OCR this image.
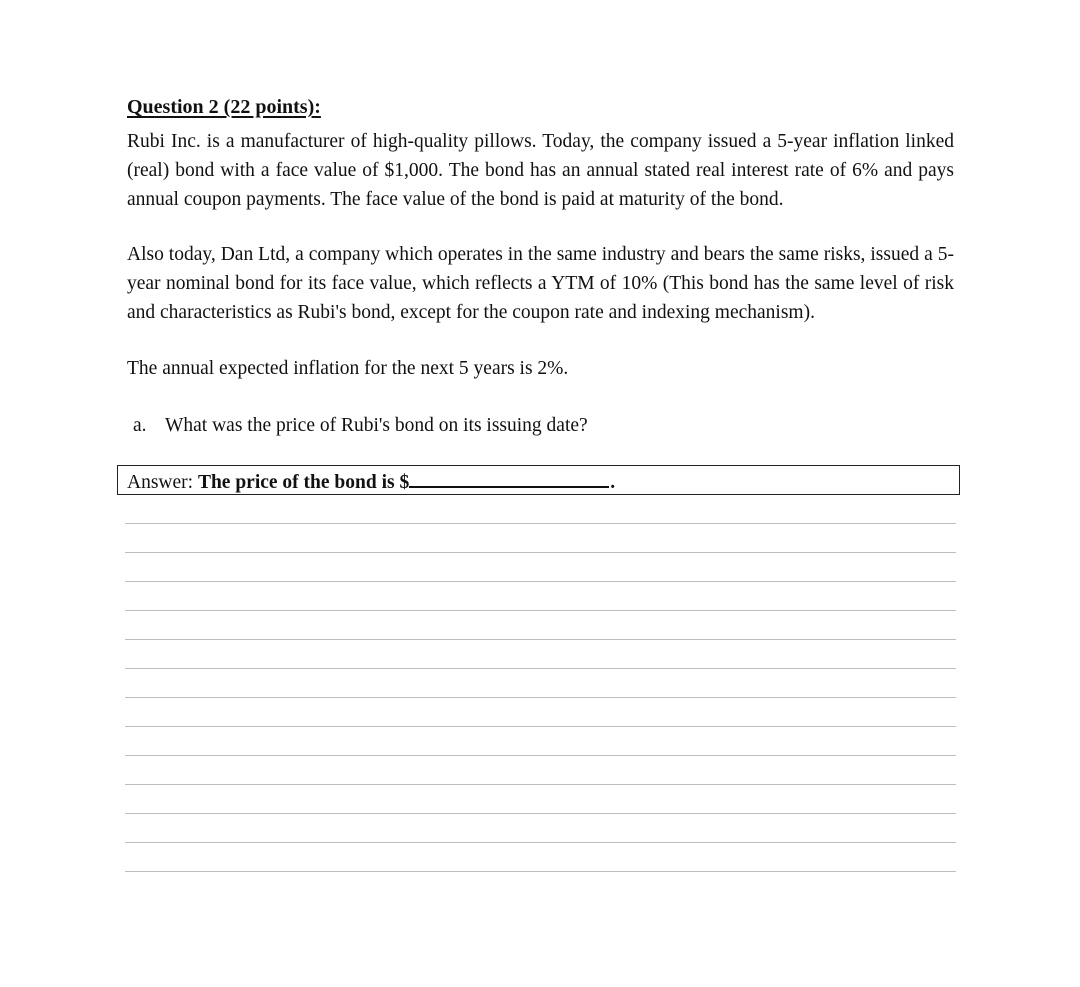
Question 2 (22 points):

Rubi Inc. is a manufacturer of high-quality pillows. Today, the company issued a 5-year inflation linked (real) bond with a face value of $1,000. The bond has an annual stated real interest rate of 6% and pays annual coupon payments. The face value of the bond is paid at maturity of the bond.

Also today, Dan Ltd, a company which operates in the same industry and bears the same risks, issued a 5-year nominal bond for its face value, which reflects a YTM of 10% (This bond has the same level of risk and characteristics as Rubi's bond, except for the coupon rate and indexing mechanism).

The annual expected inflation for the next 5 years is 2%.

a. What was the price of Rubi's bond on its issuing date?
Answer: The price of the bond is $	.
